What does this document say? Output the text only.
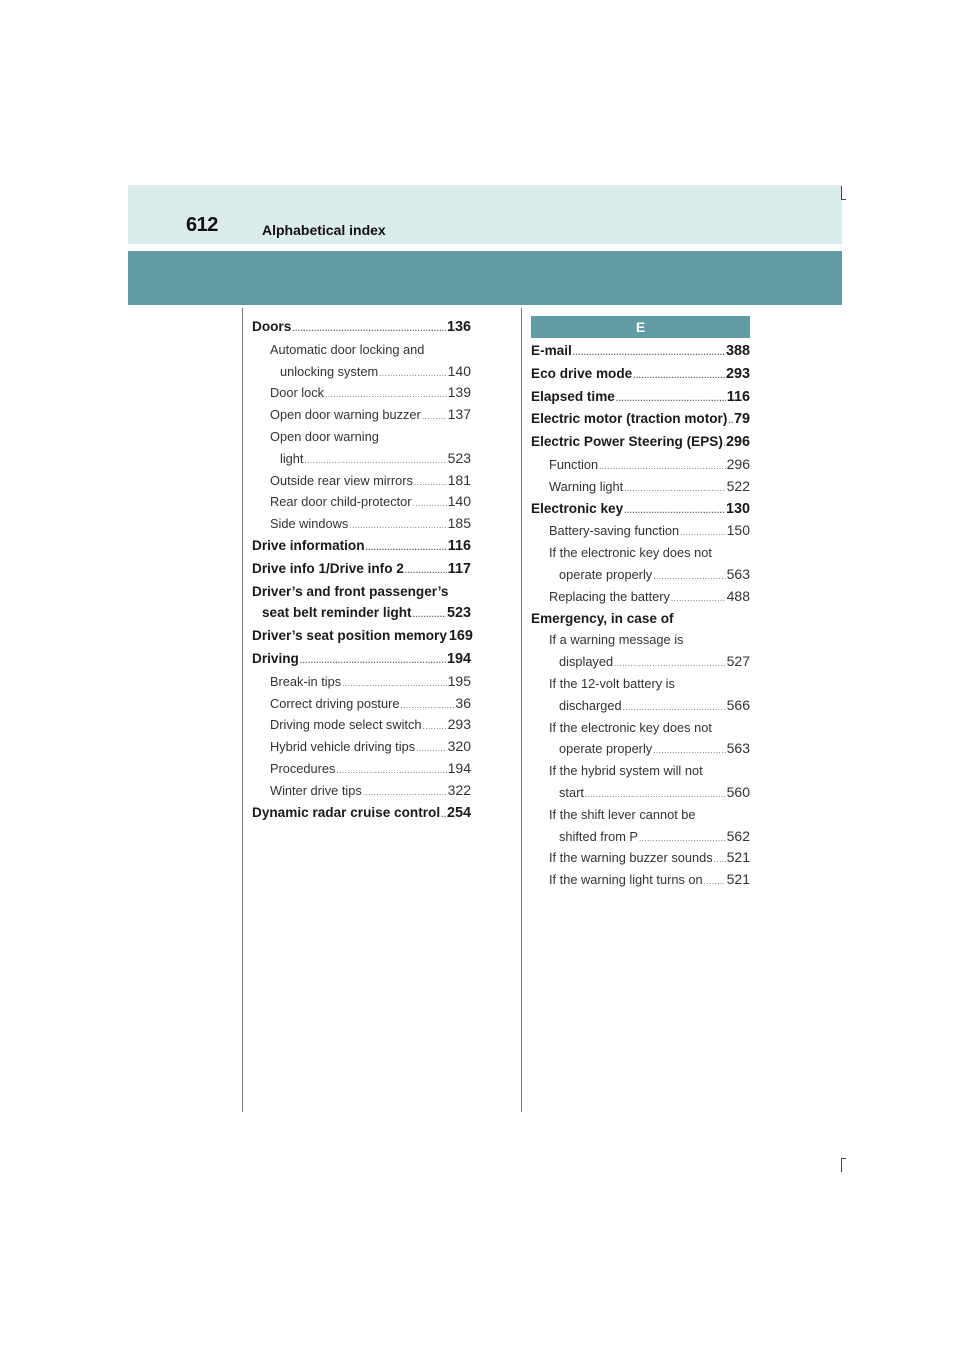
612	Alphabetical index
Doors .....	136
Automatic door locking and
unlocking system .....	140
Door lock .....	139
Open door warning buzzer ..... 137
Open door warning
light .....	523
Outside rear view mirrors ..... 181
Rear door child-protector .....	140
Side windows .....	185
Drive information .....	116
Drive info 1/Drive info 2 .....	117
Driver’s and front passenger’s
seat belt reminder light ..... 523
Driver’s seat position memory 169
Driving .....	194
Break-in tips .....	195
Correct driving posture .....	36
Driving mode select switch ..... 293
Hybrid vehicle driving tips ..... 320
Procedures .....	194
Winter drive tips .....	322
Dynamic radar cruise control ..... 254
E
E-mail .....	388
Eco drive mode .....	293
Elapsed time .....	116
Electric motor (traction motor) ..... 79
Electric Power Steering (EPS) ..... 296
Function .....	296
Warning light .....	522
Electronic key .....	130
Battery-saving function .....	150
If the electronic key does not
operate properly .....	563
Replacing the battery .....	488
Emergency, in case of
If a warning message is
displayed .....	527
If the 12-volt battery is
discharged .....	566
If the electronic key does not
operate properly .....	563
If the hybrid system will not
start .....	560
If the shift lever cannot be
shifted from P .....	562
If the warning buzzer sounds ..... 521
If the warning light turns on ..... 521
